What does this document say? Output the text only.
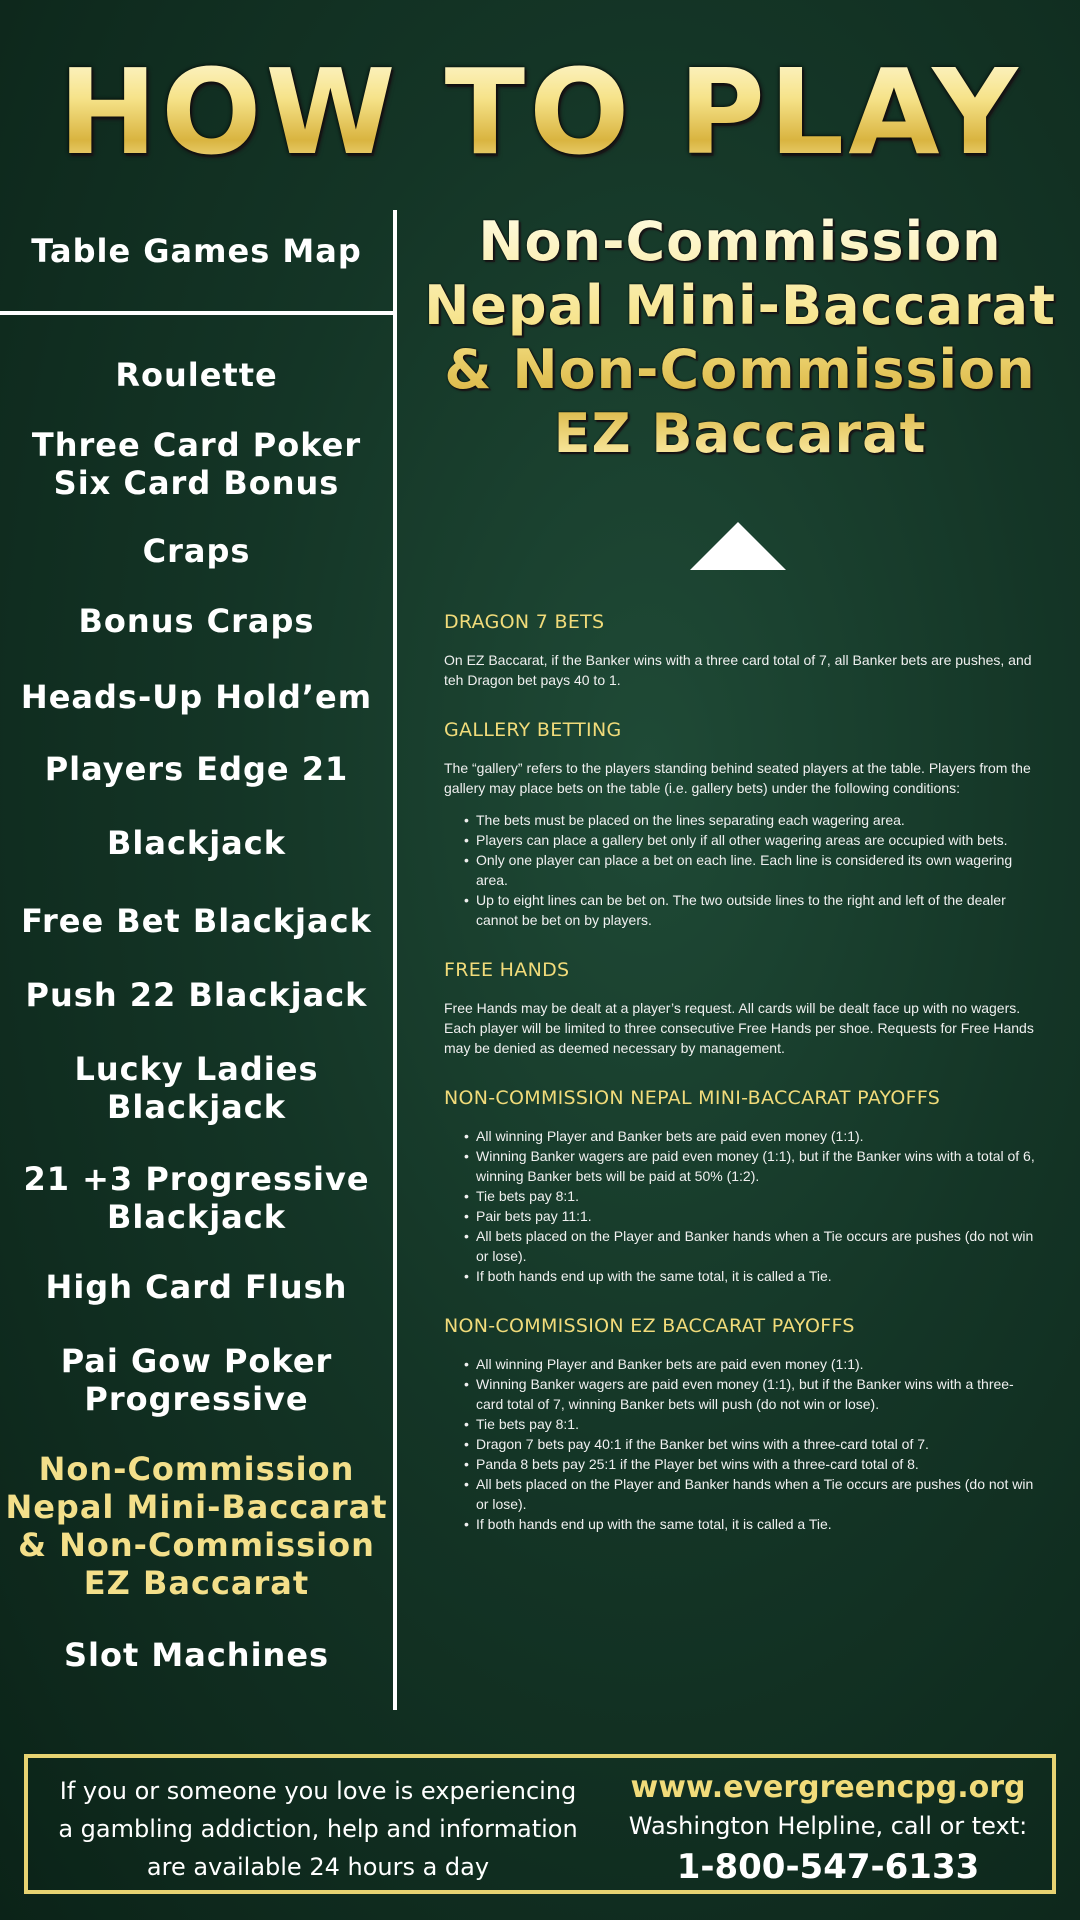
HOW TO PLAY
Table Games Map
Roulette
Three Card Poker
Six Card Bonus
Craps
Bonus Craps
Heads-Up Hold’em
Players Edge 21
Blackjack
Free Bet Blackjack
Push 22 Blackjack
Lucky Ladies
Blackjack
21 +3 Progressive
Blackjack
High Card Flush
Pai Gow Poker
Progressive
Non-Commission
Nepal Mini-Baccarat
& Non-Commission
EZ Baccarat
Slot Machines
Non-Commission
Nepal Mini-Baccarat
& Non-Commission
EZ Baccarat
DRAGON 7 BETS

On EZ Baccarat, if the Banker wins with a three card total of 7, all Banker bets are pushes, and teh Dragon bet pays 40 to 1.

GALLERY BETTING

The “gallery” refers to the players standing behind seated players at the table. Players from the gallery may place bets on the table (i.e. gallery bets) under the following conditions:

• The bets must be placed on the lines separating each wagering area.
• Players can place a gallery bet only if all other wagering areas are occupied with bets.
• Only one player can place a bet on each line. Each line is considered its own wagering area.
• Up to eight lines can be bet on. The two outside lines to the right and left of the dealer cannot be bet on by players.
FREE HANDS

Free Hands may be dealt at a player’s request. All cards will be dealt face up with no wagers. Each player will be limited to three consecutive Free Hands per shoe. Requests for Free Hands may be denied as deemed necessary by management.

NON-COMMISSION NEPAL MINI-BACCARAT PAYOFFS
• All winning Player and Banker bets are paid even money (1:1).
• Winning Banker wagers are paid even money (1:1), but if the Banker wins with a total of 6, winning Banker bets will be paid at 50% (1:2).
• Tie bets pay 8:1.
• Pair bets pay 11:1.
• All bets placed on the Player and Banker hands when a Tie occurs are pushes (do not win or lose).
• If both hands end up with the same total, it is called a Tie.
NON-COMMISSION EZ BACCARAT PAYOFFS
• All winning Player and Banker bets are paid even money (1:1).
• Winning Banker wagers are paid even money (1:1), but if the Banker wins with a three-card total of 7, winning Banker bets will push (do not win or lose).
• Tie bets pay 8:1.
• Dragon 7 bets pay 40:1 if the Banker bet wins with a three-card total of 7.
• Panda 8 bets pay 25:1 if the Player bet wins with a three-card total of 8.
• All bets placed on the Player and Banker hands when a Tie occurs are pushes (do not win or lose).
• If both hands end up with the same total, it is called a Tie.
If you or someone you love is experiencing
a gambling addiction, help and information
are available 24 hours a day
www.evergreencpg.org
Washington Helpline, call or text:
1-800-547-6133
